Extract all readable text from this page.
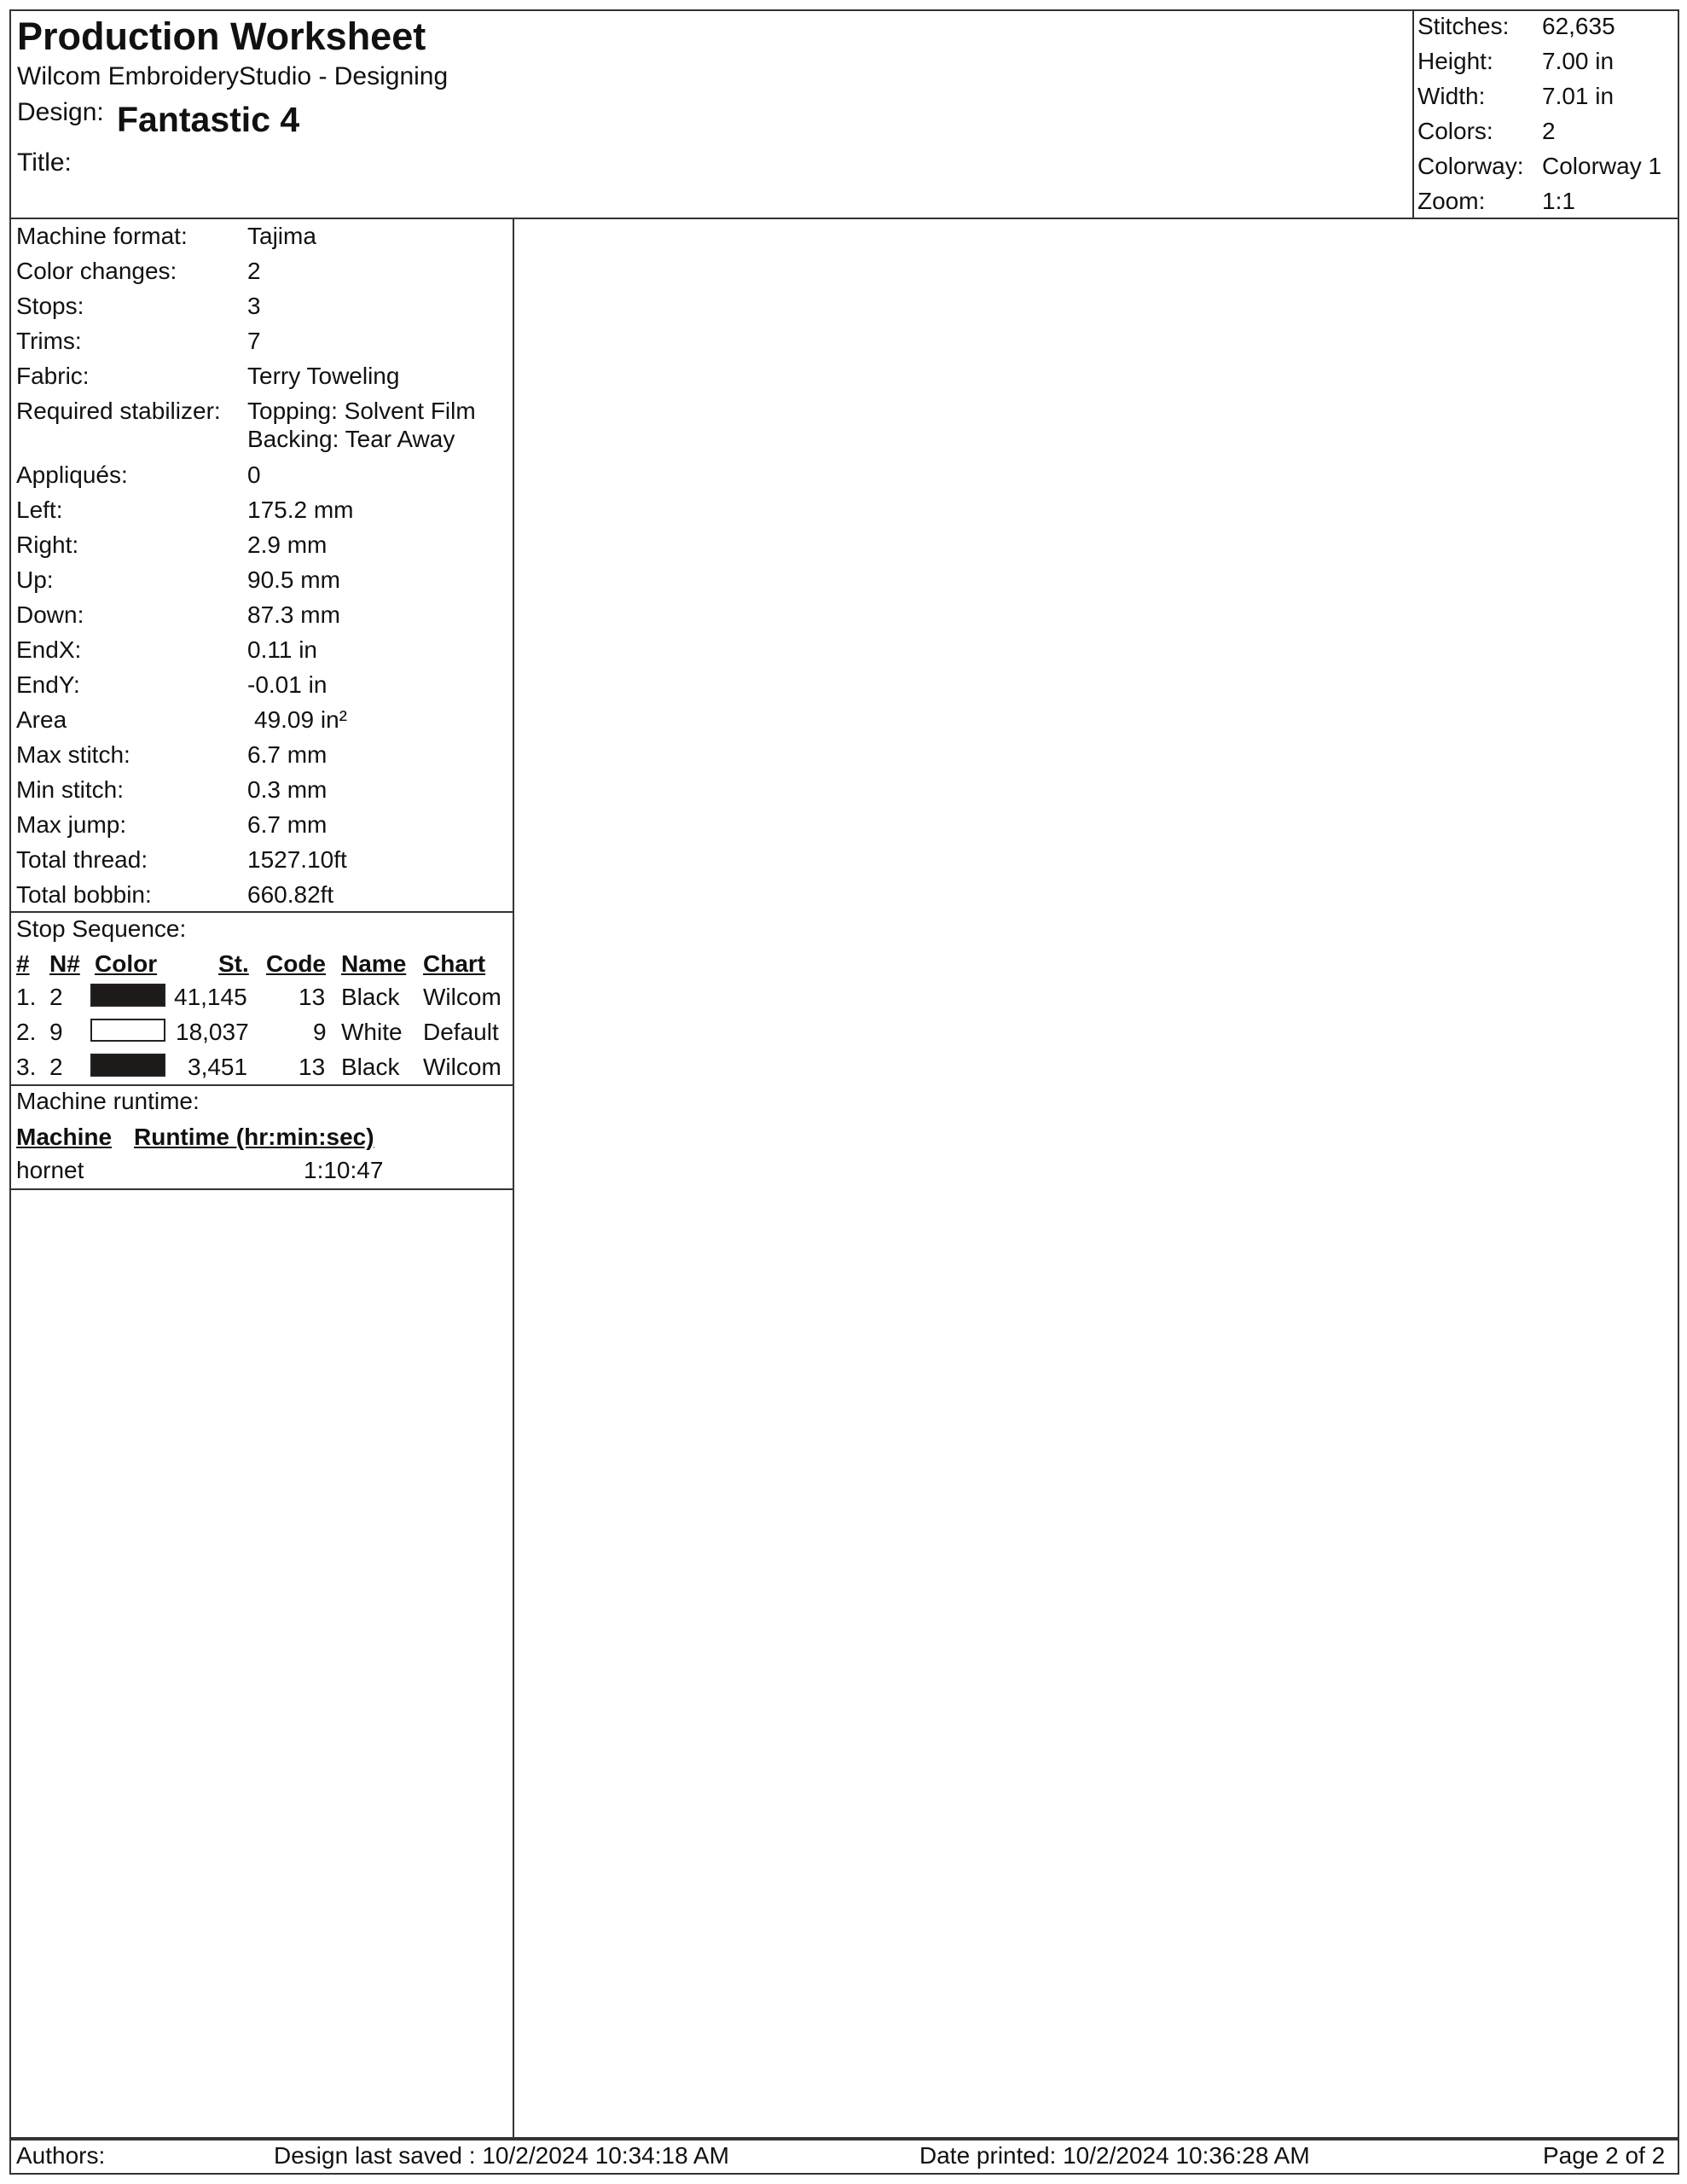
Production Worksheet
Wilcom EmbroideryStudio - Designing
Design: Fantastic 4
Title:
Stitches: 62,635
Height: 7.00 in
Width: 7.01 in
Colors: 2
Colorway: Colorway 1
Zoom: 1:1
Machine format:	Tajima
Color changes:	2
Stops:	3
Trims:	7
Fabric:	Terry Toweling
Required stabilizer: Topping: Solvent Film
Backing: Tear Away
Appliqués:	0
Left:	175.2 mm
Right:	2.9 mm
Up:	90.5 mm
Down:	87.3 mm
EndX:	0.11 in
EndY:	-0.01 in
Area	49.09 in²
Max stitch:	6.7 mm
Min stitch:	0.3 mm
Max jump:	6.7 mm
Total thread:	1527.10ft
Total bobbin:	660.82ft
Stop Sequence:
# N# Color	St. Code Name Chart
1. 2	41,145 13 Black Wilcom
2. 9	18,037	9 White Default
3. 2	3,451 13 Black Wilcom
Machine runtime:
Machine Runtime (hr:min:sec)
hornet	1:10:47
Authors:	Design last saved : 10/2/2024 10:34:18 AM	Date printed: 10/2/2024 10:36:28 AM	Page 2 of 2
